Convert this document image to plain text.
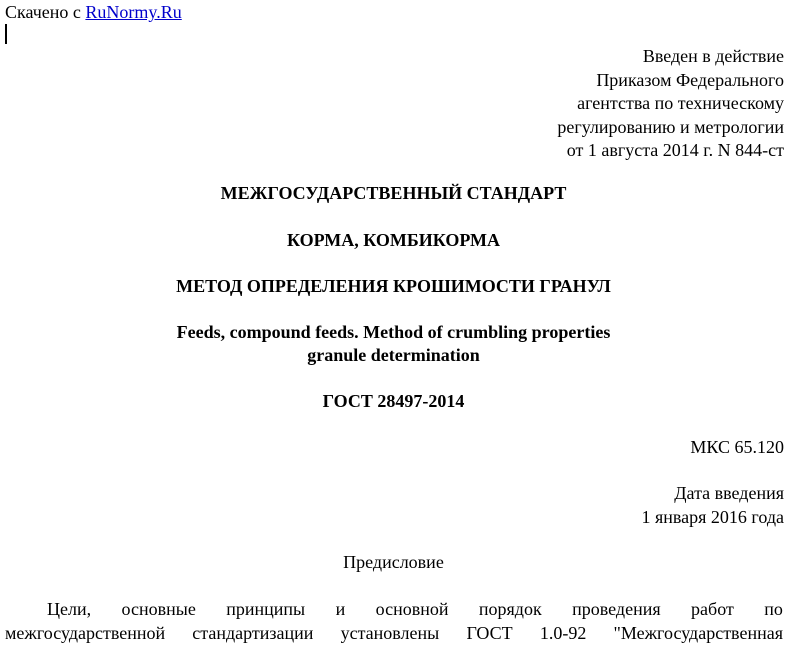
Скачено с RuNormy.Ru
Введен в действие
Приказом Федерального
агентства по техническому
регулированию и метрологии
от 1 августа 2014 г. N 844-ст
МЕЖГОСУДАРСТВЕННЫЙ СТАНДАРТ
КОРМА, КОМБИКОРМА
МЕТОД ОПРЕДЕЛЕНИЯ КРОШИМОСТИ ГРАНУЛ
Feeds, compound feeds. Method of crumbling properties
granule determination
ГОСТ 28497-2014
МКС 65.120
Дата введения
1 января 2016 года
Предисловие
Цели, основные принципы и основной порядок проведения работ по
межгосударственной стандартизации установлены ГОСТ 1.0-92 "Межгосударственная
